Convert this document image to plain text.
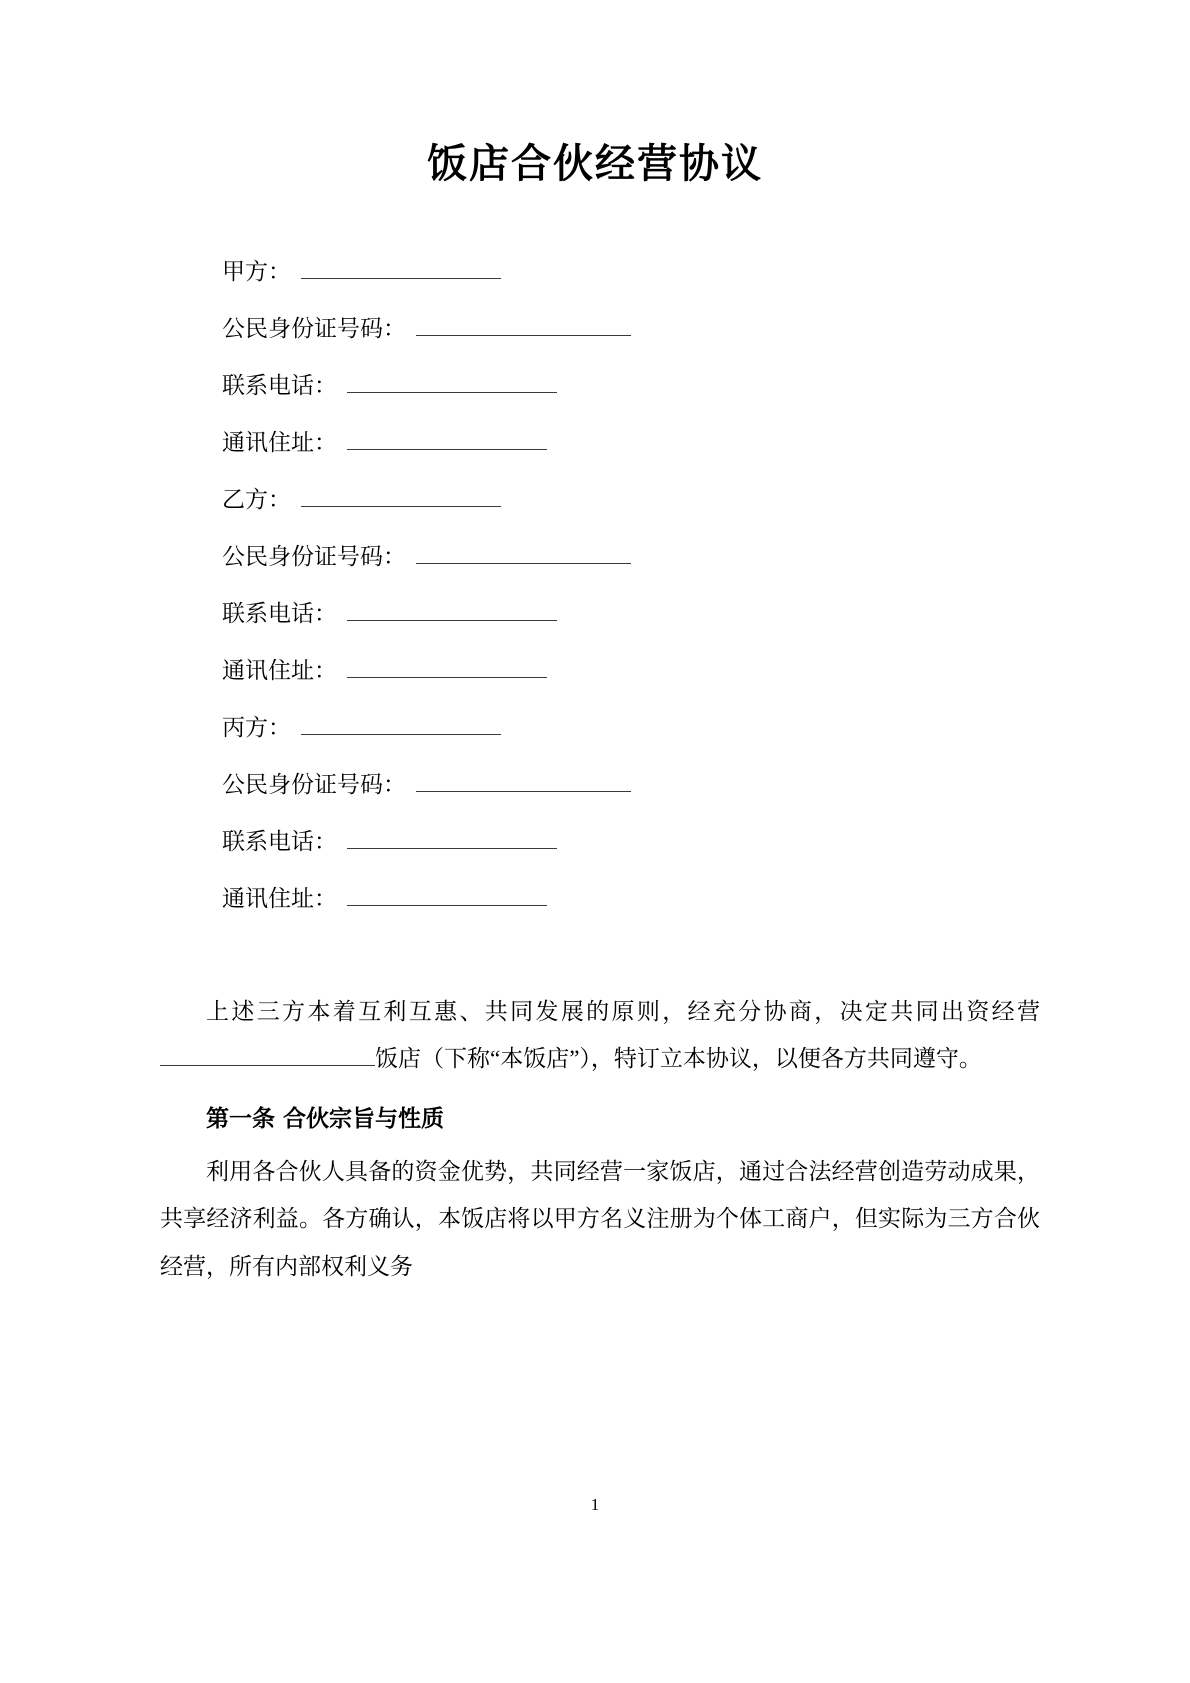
饭店合伙经营协议
甲方：
公民身份证号码：
联系电话：
通讯住址：
乙方：
公民身份证号码：
联系电话：
通讯住址：
丙方：
公民身份证号码：
联系电话：
通讯住址：

上述三方本着互利互惠、共同发展的原则，经充分协商，决定共同出资经营饭店（下称“本饭店”），特订立本协议，以便各方共同遵守。

第一条 合伙宗旨与性质

利用各合伙人具备的资金优势，共同经营一家饭店，通过合法经营创造劳动成果，共享经济利益。各方确认，本饭店将以甲方名义注册为个体工商户，但实际为三方合伙经营，所有内部权利义务

1
